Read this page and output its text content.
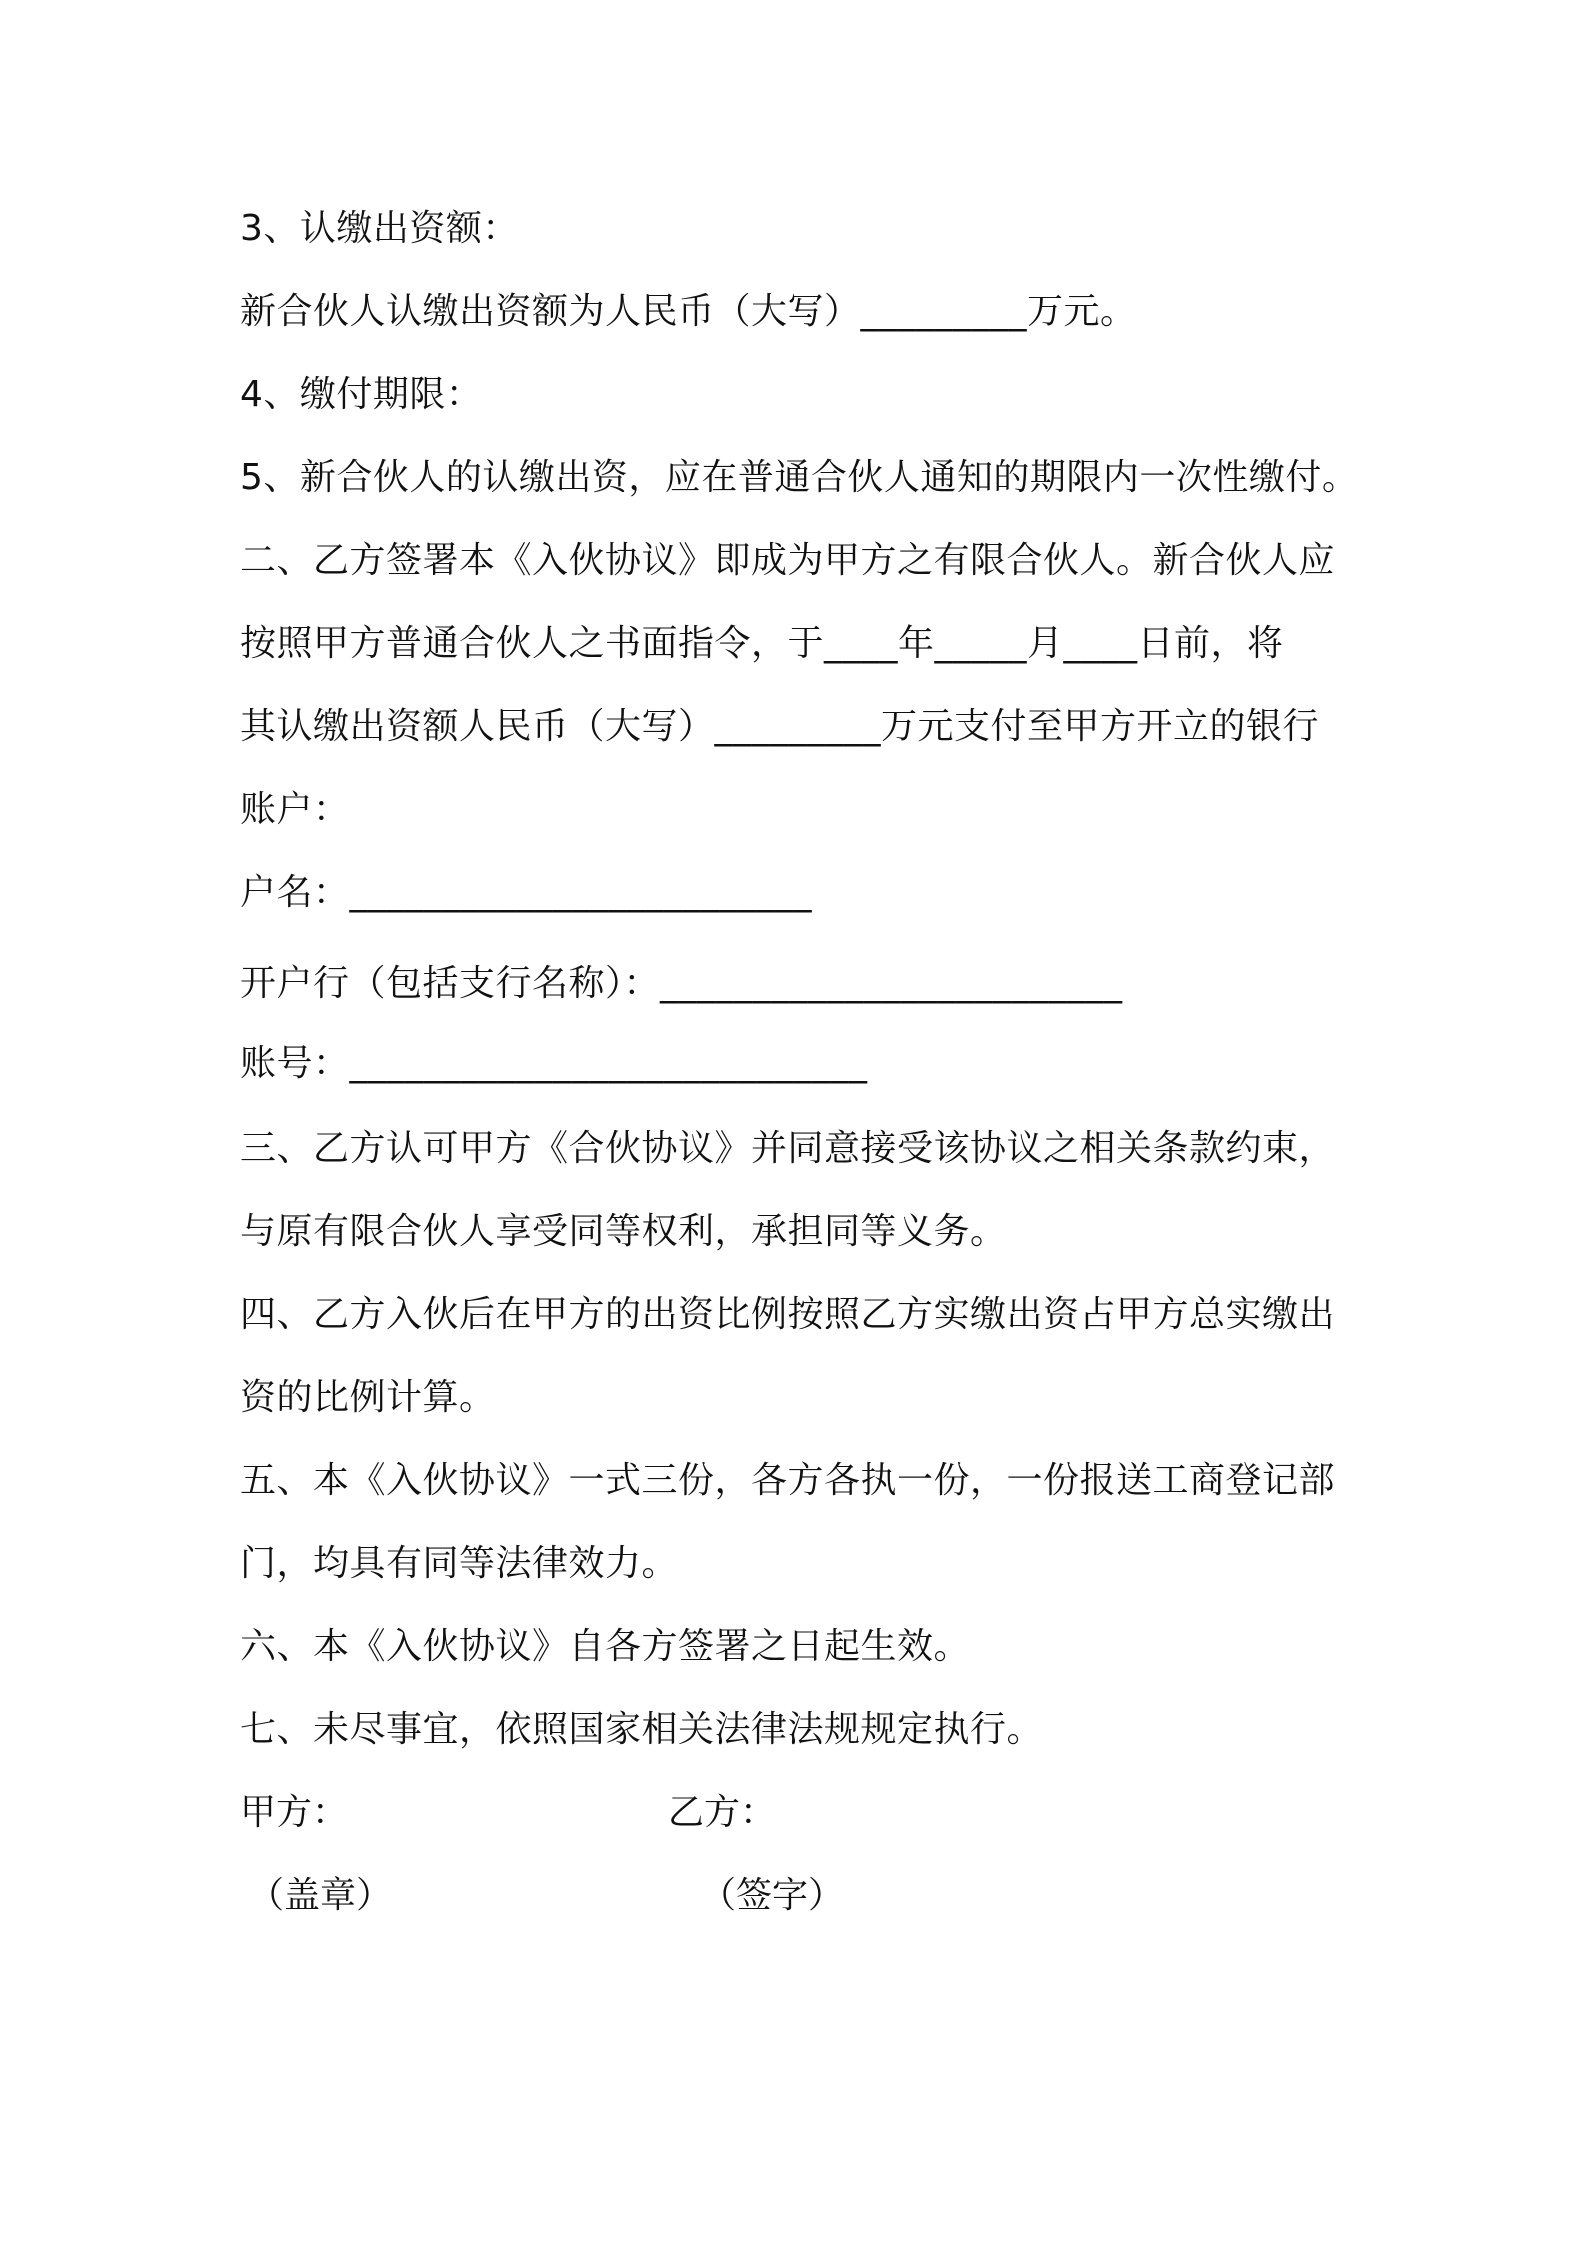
3、认缴出资额：
新合伙人认缴出资额为人民币（大写）_________万元。
4、缴付期限：
5、新合伙人的认缴出资，应在普通合伙人通知的期限内一次性缴付。
二、乙方签署本《入伙协议》即成为甲方之有限合伙人。新合伙人应
按照甲方普通合伙人之书面指令，于____年_____月____日前，将
其认缴出资额人民币（大写）_________万元支付至甲方开立的银行
账户：
户名：_________________________
开户行（包括支行名称）：_________________________
账号：____________________________
三、乙方认可甲方《合伙协议》并同意接受该协议之相关条款约束，
与原有限合伙人享受同等权利，承担同等义务。
四、乙方入伙后在甲方的出资比例按照乙方实缴出资占甲方总实缴出
资的比例计算。
五、本《入伙协议》一式三份，各方各执一份，一份报送工商登记部
门，均具有同等法律效力。
六、本《入伙协议》自各方签署之日起生效。
七、未尽事宜，依照国家相关法律法规规定执行。
甲方：	乙方：
（盖章）	（签字）
